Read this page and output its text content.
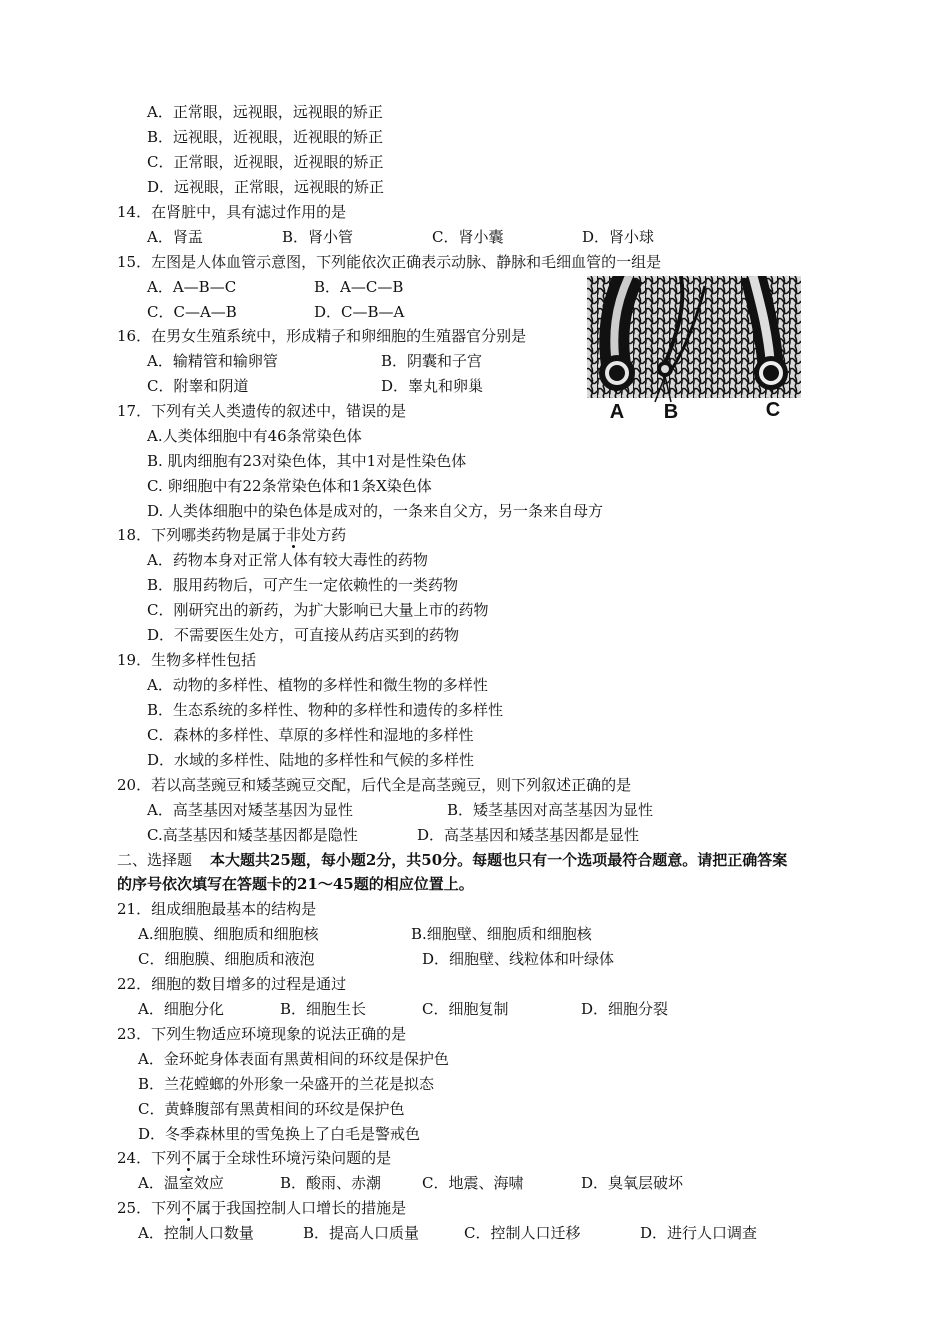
A．正常眼，远视眼，远视眼的矫正
B．远视眼，近视眼，近视眼的矫正
C．正常眼，近视眼，近视眼的矫正
D．远视眼，正常眼，远视眼的矫正
14．在肾脏中，具有滤过作用的是
A．肾盂	B．肾小管	C．肾小囊	D．肾小球
15．左图是人体血管示意图，下列能依次正确表示动脉、静脉和毛细血管的一组是
A．A—B—C	B．A—C—B
C．C—A—B	D．C—B—A
A B	C
16．在男女生殖系统中，形成精子和卵细胞的生殖器官分别是
A．输精管和输卵管	B．阴囊和子宫
C．附睾和阴道	D．睾丸和卵巢
17．下列有关人类遗传的叙述中，错误的是
A.人类体细胞中有46条常染色体
B. 肌肉细胞有23对染色体，其中1对是性染色体
C. 卵细胞中有22条常染色体和1条X染色体
D. 人类体细胞中的染色体是成对的，一条来自父方，另一条来自母方
18．下列哪类药物是属于非处方药
A．药物本身对正常人体有较大毒性的药物
B．服用药物后，可产生一定依赖性的一类药物
C．刚研究出的新药，为扩大影响已大量上市的药物
D．不需要医生处方，可直接从药店买到的药物
19．生物多样性包括
A．动物的多样性、植物的多样性和微生物的多样性
B．生态系统的多样性、物种的多样性和遗传的多样性
C．森林的多样性、草原的多样性和湿地的多样性
D．水域的多样性、陆地的多样性和气候的多样性
20．若以高茎豌豆和矮茎豌豆交配，后代全是高茎豌豆，则下列叙述正确的是
A．高茎基因对矮茎基因为显性	B．矮茎基因对高茎基因为显性
C.高茎基因和矮茎基因都是隐性	D．高茎基因和矮茎基因都是显性
二、选择题 本大题共25题，每小题2分，共50分。每题也只有一个选项最符合题意。请把正确答案
的序号依次填写在答题卡的21～45题的相应位置上。
21．组成细胞最基本的结构是
A.细胞膜、细胞质和细胞核	B.细胞壁、细胞质和细胞核
C．细胞膜、细胞质和液泡	D．细胞壁、线粒体和叶绿体
22．细胞的数目增多的过程是通过
A．细胞分化	B．细胞生长	C．细胞复制	D．细胞分裂
23．下列生物适应环境现象的说法正确的是
A．金环蛇身体表面有黑黄相间的环纹是保护色
B．兰花螳螂的外形象一朵盛开的兰花是拟态
C．黄蜂腹部有黑黄相间的环纹是保护色
D．冬季森林里的雪兔换上了白毛是警戒色
24．下列不属于全球性环境污染问题的是
A．温室效应	B．酸雨、赤潮	C．地震、海啸	D．臭氧层破坏
25．下列不属于我国控制人口增长的措施是
A．控制人口数量	B．提高人口质量	C．控制人口迁移	D．进行人口调查
